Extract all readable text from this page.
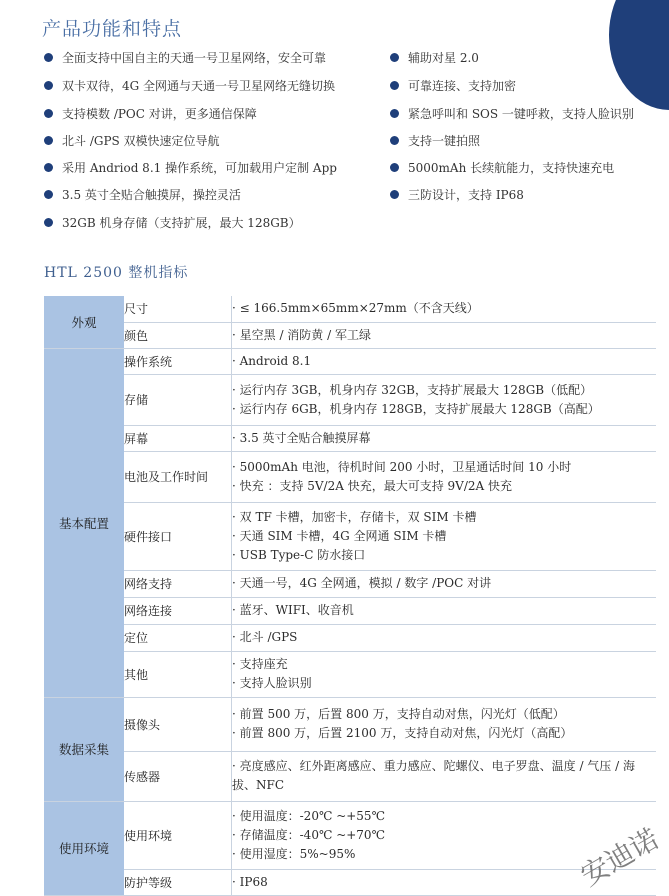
产品功能和特点
全面支持中国自主的天通一号卫星网络，安全可靠
双卡双待，4G 全网通与天通一号卫星网络无缝切换
支持模数 /POC 对讲，更多通信保障
北斗 /GPS 双模快速定位导航
采用 Andriod 8.1 操作系统，可加载用户定制 App
3.5 英寸全贴合触摸屏，操控灵活
32GB 机身存储（支持扩展，最大 128GB）
辅助对星 2.0
可靠连接、支持加密
紧急呼叫和 SOS 一键呼救，支持人脸识别
支持一键拍照
5000mAh 长续航能力，支持快速充电
三防设计，支持 IP68
HTL 2500 整机指标
外观	尺寸	· ≤ 166.5mm×65mm×27mm（不含天线）

	颜色	· 星空黑 / 消防黄 / 军工绿

基本配置	操作系统	· Android 8.1

	存储	· 运行内存 3GB，机身内存 32GB，支持扩展最大 128GB（低配）
· 运行内存 6GB，机身内存 128GB，支持扩展最大 128GB（高配）

	屏幕	· 3.5 英寸全贴合触摸屏幕

	电池及工作时间	· 5000mAh 电池，待机时间 200 小时，卫星通话时间 10 小时
· 快充 ：支持 5V/2A 快充，最大可支持 9V/2A 快充

	硬件接口	· 双 TF 卡槽，加密卡，存储卡，双 SIM 卡槽
· 天通 SIM 卡槽，4G 全网通 SIM 卡槽
· USB Type-C 防水接口

	网络支持	· 天通一号，4G 全网通，模拟 / 数字 /POC 对讲

	网络连接	· 蓝牙、WIFI、收音机

	定位	· 北斗 /GPS

	其他	· 支持座充
· 支持人脸识别

数据采集	摄像头	· 前置 500 万，后置 800 万，支持自动对焦，闪光灯（低配）
· 前置 800 万，后置 2100 万，支持自动对焦，闪光灯（高配）

	传感器	· 亮度感应、红外距离感应、重力感应、陀螺仪、电子罗盘、温度 / 气压 / 海拔、NFC

使用环境	使用环境	· 使用温度：-20℃ ~+55℃
· 存储温度：-40℃ ~+70℃
· 使用湿度：5%~95%

	防护等级	· IP68	安迪诺
